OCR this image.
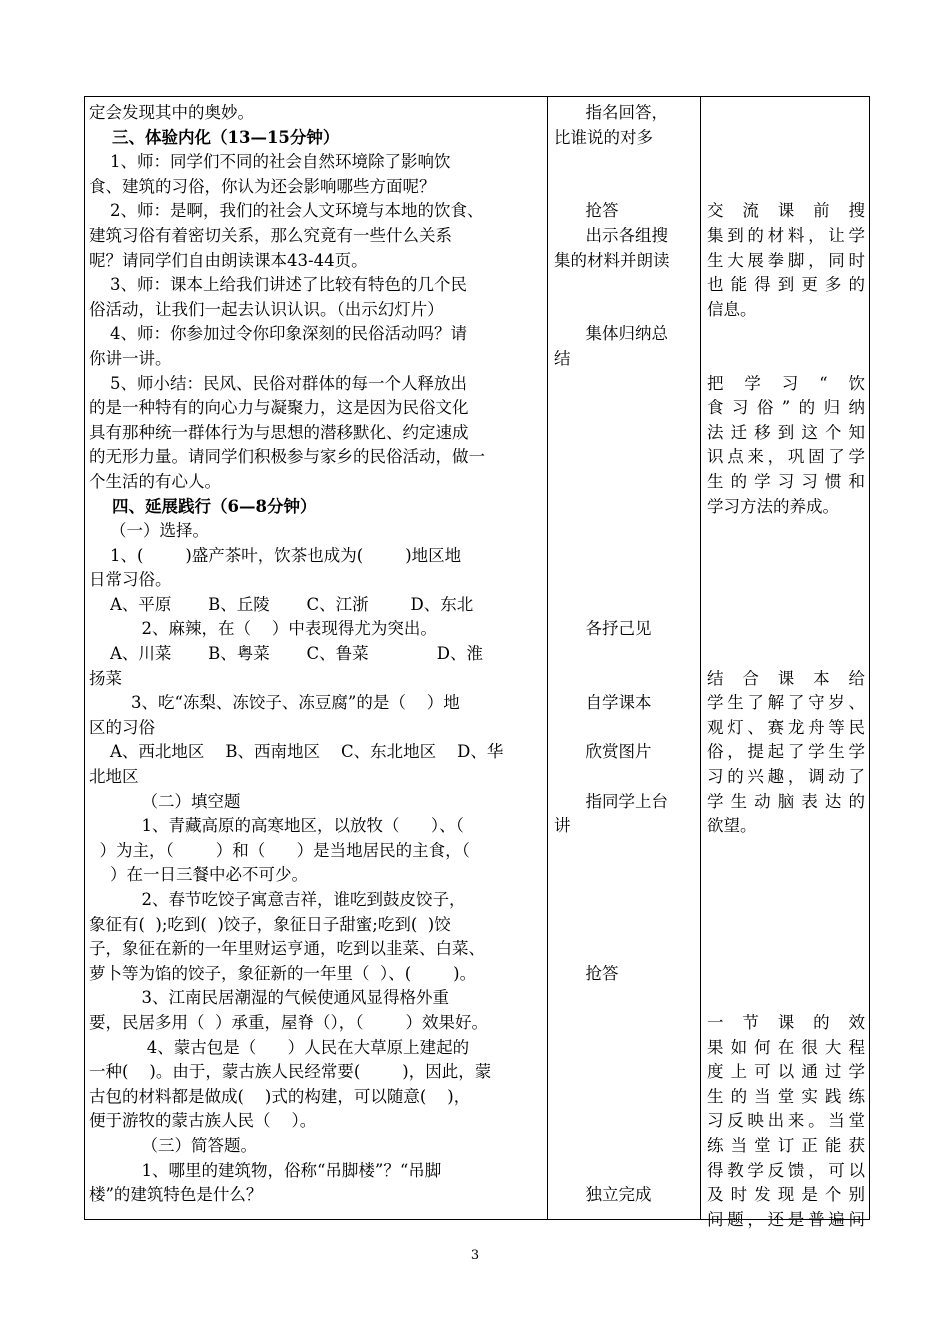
定会发现其中的奥妙。
三、体验内化（13—15分钟）
1、师：同学们不同的社会自然环境除了影响饮
食、建筑的习俗，你认为还会影响哪些方面呢？
2、师：是啊，我们的社会人文环境与本地的饮食、
建筑习俗有着密切关系，那么究竟有一些什么关系
呢？请同学们自由朗读课本43-44页。
3、师：课本上给我们讲述了比较有特色的几个民
俗活动，让我们一起去认识认识。（出示幻灯片）
4、师：你参加过令你印象深刻的民俗活动吗？请
你讲一讲。
5、师小结：民风、民俗对群体的每一个人释放出
的是一种特有的向心力与凝聚力，这是因为民俗文化
具有那种统一群体行为与思想的潜移默化、约定速成
的无形力量。请同学们积极参与家乡的民俗活动，做一
个生活的有心人。
四、延展践行（6—8分钟）
（一）选择。
1、(        )盛产茶叶，饮茶也成为(        )地区地
日常习俗。
A、平原       B、丘陵       C、江浙        D、东北
2、麻辣，在（    ）中表现得尤为突出。
A、川菜       B、粤菜       C、鲁菜             D、淮
扬菜
3、吃“冻梨、冻饺子、冻豆腐”的是（    ）地
区的习俗
A、西北地区    B、西南地区    C、东北地区    D、华
北地区
（二）填空题
1、青藏高原的高寒地区，以放牧（      ）、（
）为主，（        ）和（      ）是当地居民的主食，（
）在一日三餐中必不可少。
2、春节吃饺子寓意吉祥，谁吃到鼓皮饺子，
象征有(  );吃到(  )饺子，象征日子甜蜜;吃到(  )饺
子，象征在新的一年里财运亨通，吃到以韭菜、白菜、
萝卜等为馅的饺子，象征新的一年里（  ）、(        )。
3、江南民居潮湿的气候使通风显得格外重
要，民居多用（  ）承重，屋脊（），（        ）效果好。
4、蒙古包是（      ）人民在大草原上建起的
一种(    )。由于，蒙古族人民经常要(        )，因此，蒙
古包的材料都是做成(    )式的构建，可以随意(    )，
便于游牧的蒙古族人民（    ）。
（三）简答题。
1、哪里的建筑物，俗称“吊脚楼”？“吊脚
楼”的建筑特色是什么？
指名回答，
比谁说的对多
抢答
出示各组搜
集的材料并朗读
集体归纳总
结
各抒己见
自学课本
欣赏图片
指同学上台
讲
抢答
独立完成
交流课前搜
集到的材料，让学
生大展拳脚，同时
也能得到更多的
信息。
把学习“饮
食习俗”的归纳
法迁移到这个知
识点来，巩固了学
生的学习习惯和
学习方法的养成。
结合课本给
学生了解了守岁、
观灯、赛龙舟等民
俗，提起了学生学
习的兴趣，调动了
学生动脑表达的
欲望。
一节课的效
果如何在很大程
度上可以通过学
生的当堂实践练
习反映出来。当堂
练当堂订正能获
得教学反馈，可以
及时发现是个别
问题，还是普遍问
3
